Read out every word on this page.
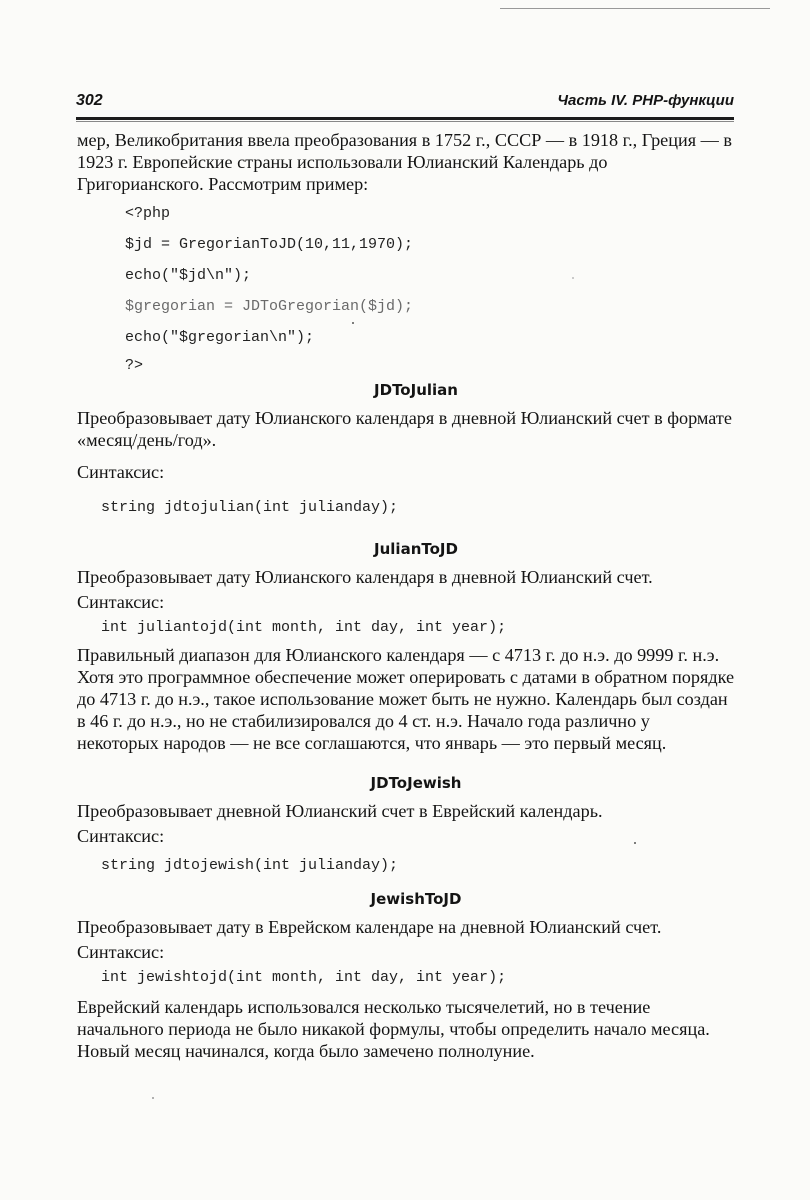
302	Часть IV. PHP-функции

мер, Великобритания ввела преобразования в 1752 г., СССР — в 1918 г., Греция — в 1923 г. Европейские страны использовали Юлианский Календарь до Григорианского. Рассмотрим пример:

<?php
$jd = GregorianToJD(10,11,1970);
echo("$jd\n");
$gregorian = JDToGregorian($jd);
echo("$gregorian\n");
?>
JDToJulian

Преобразовывает дату Юлианского календаря в дневной Юлианский счет в формате «месяц/день/год».

Синтаксис:

string jdtojulian(int julianday);
JulianToJD

Преобразовывает дату Юлианского календаря в дневной Юлианский счет.

Синтаксис:

int juliantojd(int month, int day, int year);

Правильный диапазон для Юлианского календаря — с 4713 г. до н.э. до 9999 г. н.э. Хотя это программное обеспечение может оперировать с датами в обратном порядке до 4713 г. до н.э., такое использование может быть не нужно. Календарь был создан в 46 г. до н.э., но не стабилизировался до 4 ст. н.э. Начало года различно у некоторых народов — не все соглашаются, что январь — это первый месяц.

JDToJewish

Преобразовывает дневной Юлианский счет в Еврейский календарь.

Синтаксис:

string jdtojewish(int julianday);
JewishToJD

Преобразовывает дату в Еврейском календаре на дневной Юлианский счет.

Синтаксис:

int jewishtojd(int month, int day, int year);

Еврейский календарь использовался несколько тысячелетий, но в течение начального периода не было никакой формулы, чтобы определить начало месяца. Новый месяц начинался, когда было замечено полнолуние.
